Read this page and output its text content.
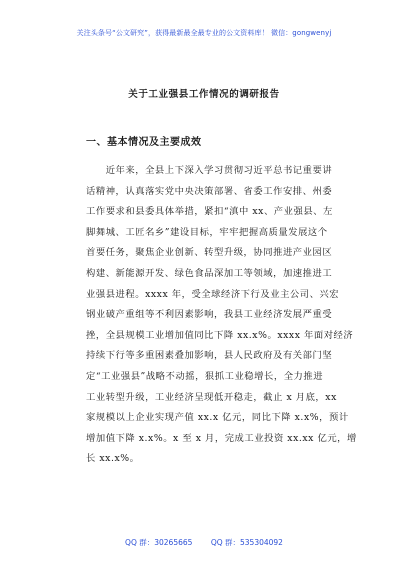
关注头条号“公文研究”，获得最新最全最专业的公文资料库！ 微信：gongwenyj
关于工业强县工作情况的调研报告
一、基本情况及主要成效
　　近年来，全县上下深入学习贯彻习近平总书记重要讲
话精神，认真落实党中央决策部署、省委工作安排、州委
工作要求和县委具体举措，紧扣“滇中 xx、产业强县、左
脚舞城、工匠名乡”建设目标，牢牢把握高质量发展这个
首要任务，聚焦企业创新、转型升级，协同推进产业园区
构建、新能源开发、绿色食品深加工等领域，加速推进工
业强县进程。xxxx 年，受全球经济下行及业主公司、兴宏
钢业破产重组等不利因素影响，我县工业经济发展严重受
挫，全县规模工业增加值同比下降 xx.x%。xxxx 年面对经济
持续下行等多重困素叠加影响，县人民政府及有关部门坚
定“工业强县”战略不动摇，狠抓工业稳增长，全力推进
工业转型升级，工业经济呈现低开稳走，截止 x 月底，xx
家规模以上企业实现产值 xx.x 亿元，同比下降 x.x%，预计
增加值下降 x.x%。x 至 x 月，完成工业投资 xx.xx 亿元，增
长 xx.x%。
QQ 群：30265665 QQ 群：535304092
